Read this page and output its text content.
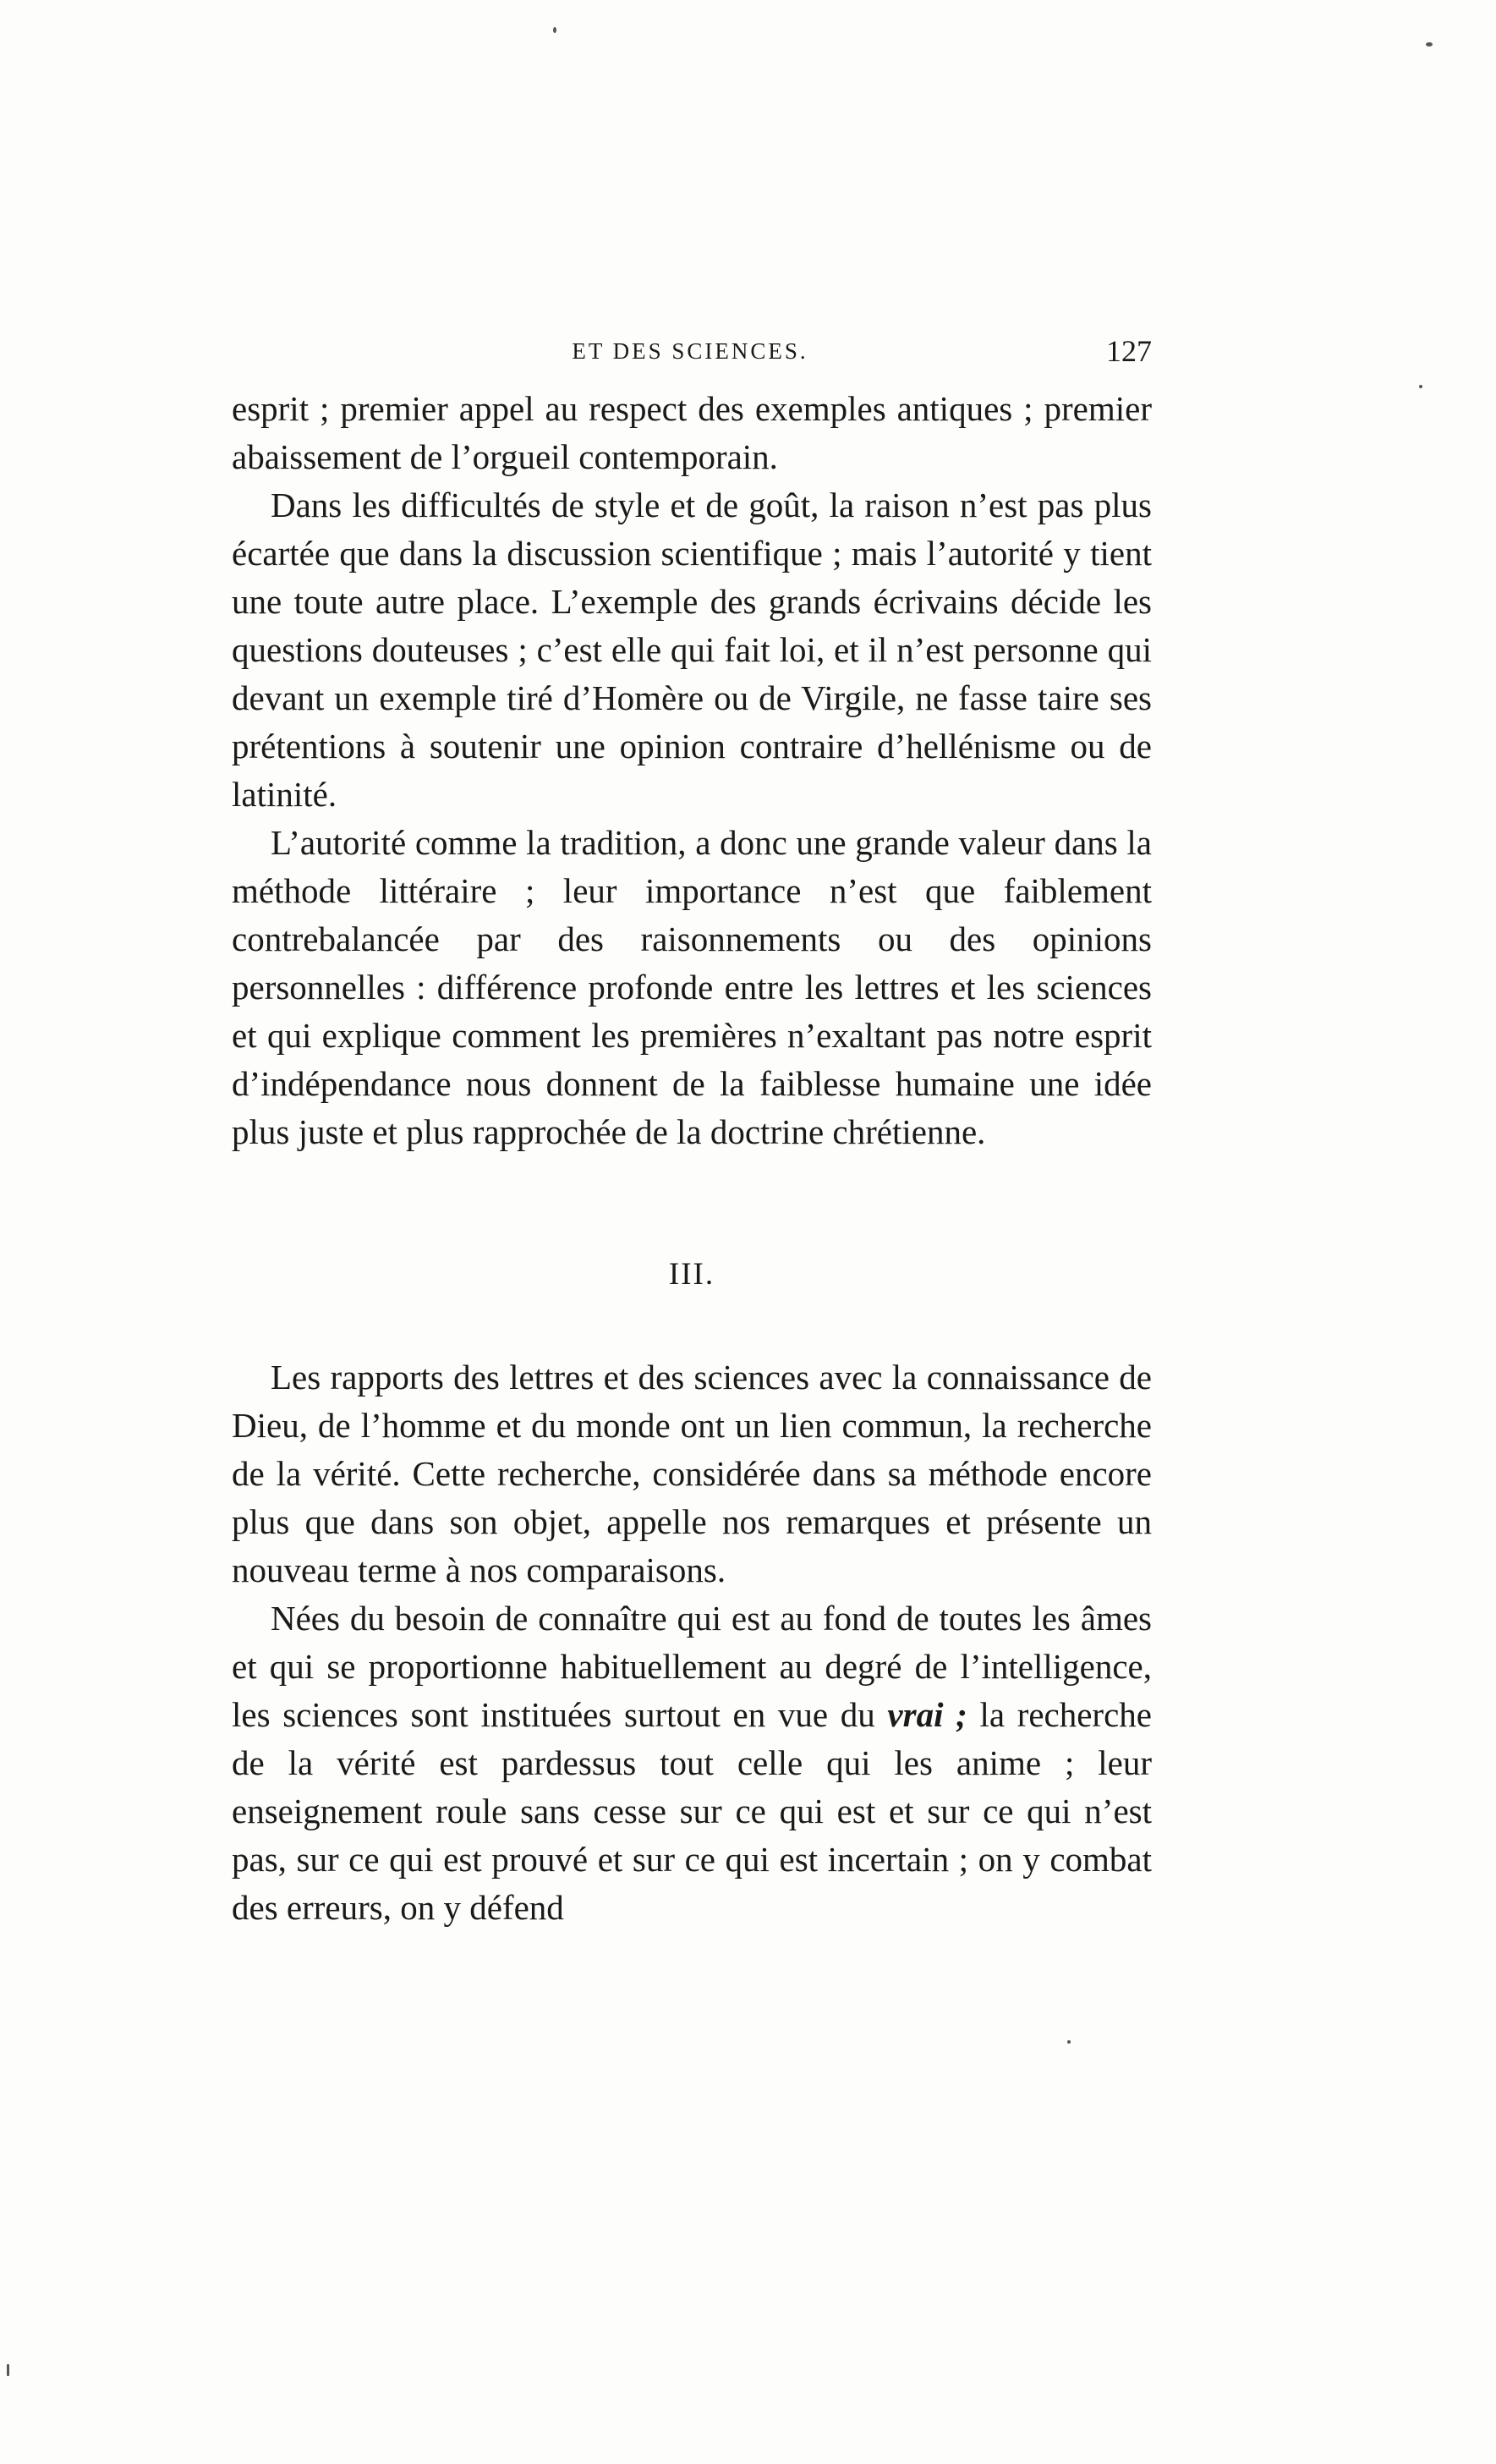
ET DES SCIENCES.	127

esprit ; premier appel au respect des exemples antiques ; premier abaissement de l’orgueil contemporain.

Dans les difficultés de style et de goût, la raison n’est pas plus écartée que dans la discussion scientifique ; mais l’autorité y tient une toute autre place. L’exemple des grands écrivains décide les questions douteuses ; c’est elle qui fait loi, et il n’est personne qui devant un exemple tiré d’Homère ou de Virgile, ne fasse taire ses prétentions à soutenir une opinion contraire d’hellénisme ou de latinité.

L’autorité comme la tradition, a donc une grande valeur dans la méthode littéraire ; leur importance n’est que faiblement contrebalancée par des raisonnements ou des opinions personnelles : différence profonde entre les lettres et les sciences et qui explique comment les premières n’exaltant pas notre esprit d’indépendance nous donnent de la faiblesse humaine une idée plus juste et plus rapprochée de la doctrine chrétienne.

III.

Les rapports des lettres et des sciences avec la connaissance de Dieu, de l’homme et du monde ont un lien commun, la recherche de la vérité. Cette recherche, considérée dans sa méthode encore plus que dans son objet, appelle nos remarques et présente un nouveau terme à nos comparaisons.

Nées du besoin de connaître qui est au fond de toutes les âmes et qui se proportionne habituellement au degré de l’intelligence, les sciences sont instituées surtout en vue du vrai ; la recherche de la vérité est pardessus tout celle qui les anime ; leur enseignement roule sans cesse sur ce qui est et sur ce qui n’est pas, sur ce qui est prouvé et sur ce qui est incertain ; on y combat des erreurs, on y défend
